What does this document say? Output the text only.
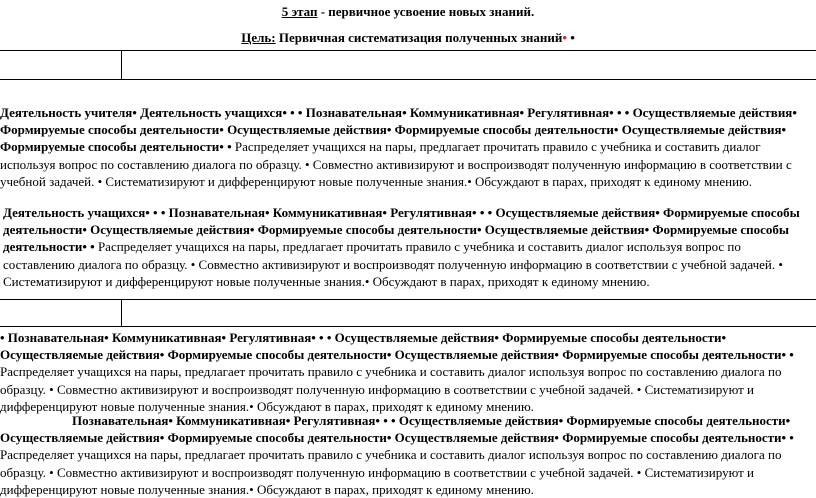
5 этап - первичное усвоение новых знаний.
Цель: Первичная систематизация полученных знаний• •
Деятельность учителя• Деятельность учащихся• • • Познавательная• Коммуникативная• Регулятивная• • • Осуществляемые действия• Формируемые способы деятельности• Осуществляемые действия• Формируемые способы деятельности• Осуществляемые действия• Формируемые способы деятельности• • Распределяет учащихся на пары, предлагает прочитать правило с учебника и составить диалог используя вопрос по составлению диалога по образцу. • Совместно активизируют и воспроизводят полученную информацию в соответствии с учебной задачей. • Систематизируют и дифференцируют новые полученные знания.• Обсуждают в парах, приходят к единому мнению.
Деятельность учащихся• • • Познавательная• Коммуникативная• Регулятивная• • • Осуществляемые действия• Формируемые способы деятельности• Осуществляемые действия• Формируемые способы деятельности• Осуществляемые действия• Формируемые способы деятельности• • Распределяет учащихся на пары, предлагает прочитать правило с учебника и составить диалог используя вопрос по составлению диалога по образцу. • Совместно активизируют и воспроизводят полученную информацию в соответствии с учебной задачей. • Систематизируют и дифференцируют новые полученные знания.• Обсуждают в парах, приходят к единому мнению.
• Познавательная• Коммуникативная• Регулятивная• • • Осуществляемые действия• Формируемые способы деятельности• Осуществляемые действия• Формируемые способы деятельности• Осуществляемые действия• Формируемые способы деятельности• • Распределяет учащихся на пары, предлагает прочитать правило с учебника и составить диалог используя вопрос по составлению диалога по образцу. • Совместно активизируют и воспроизводят полученную информацию в соответствии с учебной задачей. • Систематизируют и дифференцируют новые полученные знания.• Обсуждают в парах, приходят к единому мнению.
Познавательная• Коммуникативная• Регулятивная• • • Осуществляемые действия• Формируемые способы деятельности• Осуществляемые действия• Формируемые способы деятельности• Осуществляемые действия• Формируемые способы деятельности• • Распределяет учащихся на пары, предлагает прочитать правило с учебника и составить диалог используя вопрос по составлению диалога по образцу. • Совместно активизируют и воспроизводят полученную информацию в соответствии с учебной задачей. • Систематизируют и дифференцируют новые полученные знания.• Обсуждают в парах, приходят к единому мнению.
